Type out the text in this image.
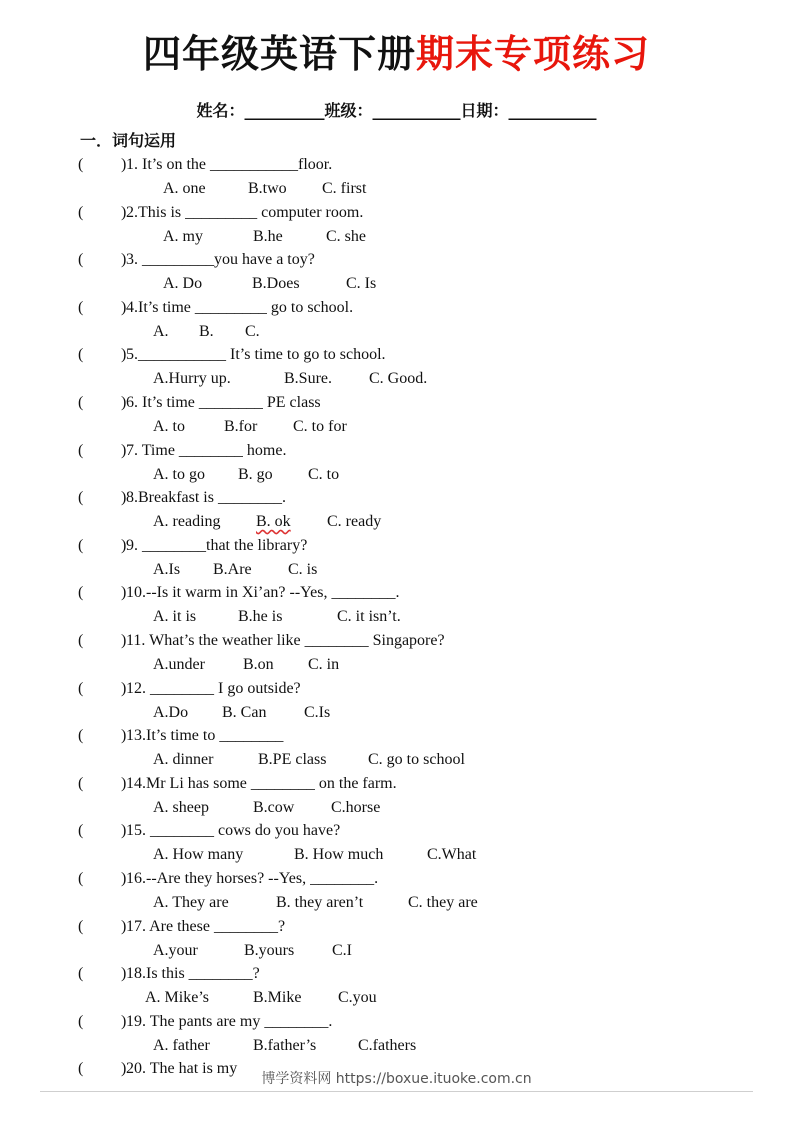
四年级英语下册期末专项练习
姓名：__________班级：___________日期：___________
一．词句运用
( ) 1. It’s on the ___________floor.
A. one	B.two C. first
( ) 2.This is _________ computer room.
A. my	B.he	C. she
( ) 3. _________you have a toy?
A. Do	B.Does	C. Is
( ) 4.It’s time _________ go to school.
A. B. C.
( ) 5.___________ It’s time to go to school.
A.Hurry up.	B.Sure. C. Good.
( ) 6. It’s time ________ PE class
A. to B.for C. to for
( ) 7. Time ________ home.
A. to go B. go C. to
( ) 8.Breakfast is ________.
A. reading B. ok C. ready
( ) 9. ________that the library?
A.Is B.Are C. is
( ) 10.--Is it warm in Xi’an? --Yes, ________.
A. it is	B.he is	C. it isn’t.
( ) 11. What’s the weather like ________ Singapore?
A.under B.on C. in
( ) 12. ________ I go outside?
A.Do B. Can C.Is
( ) 13.It’s time to ________
A. dinner	B.PE class	C. go to school
( ) 14.Mr Li has some ________ on the farm.
A. sheep	B.cow C.horse
( ) 15. ________ cows do you have?
A. How many	B. How much	C.What
( ) 16.--Are they horses? --Yes, ________.
A. They are	B. they aren’t	C. they are
( ) 17. Are these ________?
A.your	B.yours C.I
( ) 18.Is this ________?
A. Mike’s	B.Mike C.you
( ) 19. The pants are my ________.
A. father	B.father’s	C.fathers
( ) 20. The hat is my
博学资料网 https://boxue.ituoke.com.cn
